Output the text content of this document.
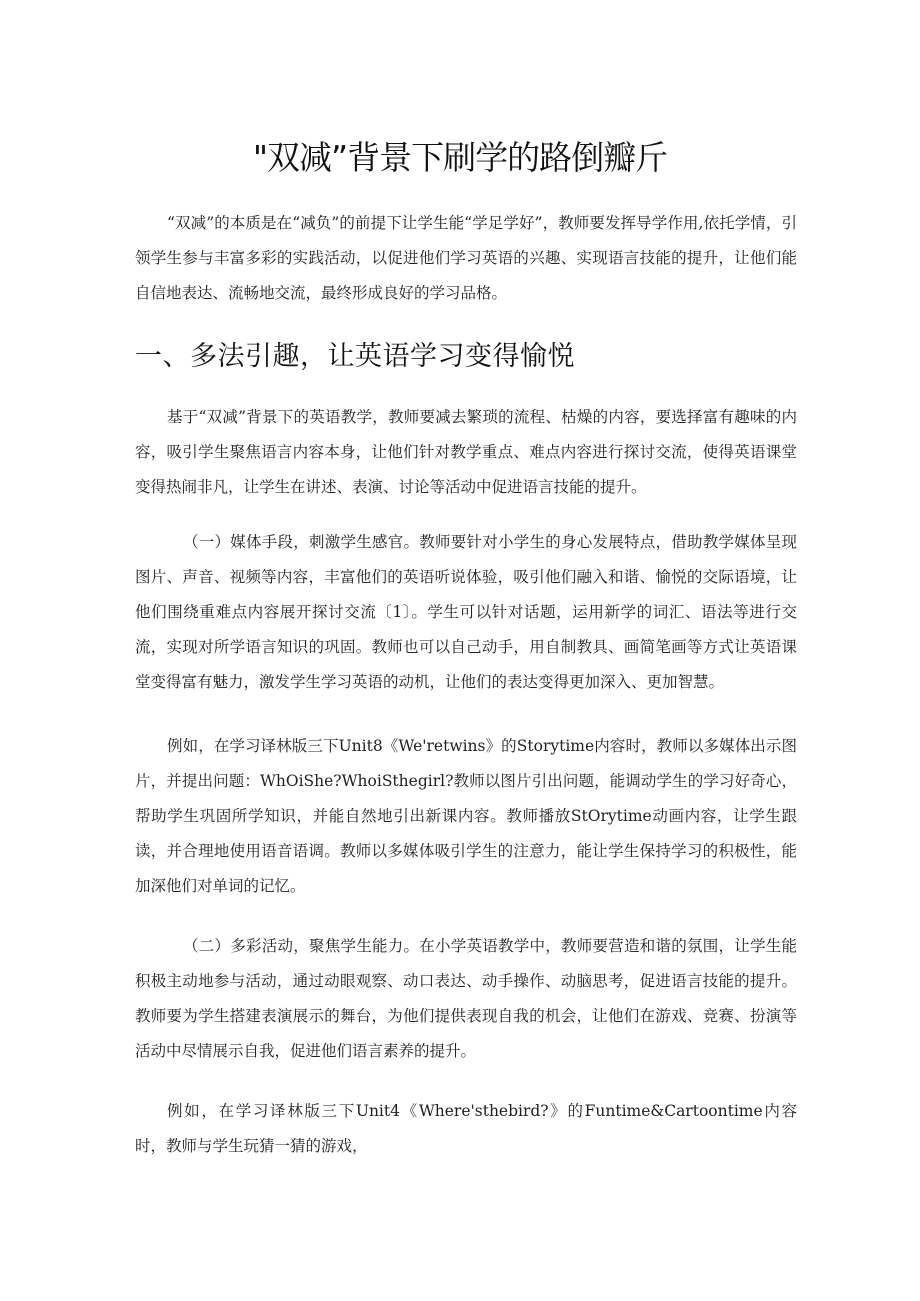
"双减”背景下刷学的路倒瓣斤

“双减”的本质是在“减负”的前提下让学生能“学足学好”，教师要发挥导学作用,依托学情，引领学生参与丰富多彩的实践活动，以促进他们学习英语的兴趣、实现语言技能的提升，让他们能自信地表达、流畅地交流，最终形成良好的学习品格。

一、多法引趣，让英语学习变得愉悦

基于“双减”背景下的英语教学，教师要减去繁琐的流程、枯燥的内容，要选择富有趣味的内容，吸引学生聚焦语言内容本身，让他们针对教学重点、难点内容进行探讨交流，使得英语课堂变得热闹非凡，让学生在讲述、表演、讨论等活动中促进语言技能的提升。

（一）媒体手段，刺激学生感官。教师要针对小学生的身心发展特点，借助教学媒体呈现图片、声音、视频等内容，丰富他们的英语听说体验，吸引他们融入和谐、愉悦的交际语境，让他们围绕重难点内容展开探讨交流〔1〕。学生可以针对话题，运用新学的词汇、语法等进行交流，实现对所学语言知识的巩固。教师也可以自己动手，用自制教具、画简笔画等方式让英语课堂变得富有魅力，激发学生学习英语的动机，让他们的表达变得更加深入、更加智慧。

例如，在学习译林版三下Unit8《We'retwins》的Storytime内容时，教师以多媒体出示图片，并提出问题：WhOiShe?WhoiSthegirl?教师以图片引出问题，能调动学生的学习好奇心，帮助学生巩固所学知识，并能自然地引出新课内容。教师播放StOrytime动画内容，让学生跟读，并合理地使用语音语调。教师以多媒体吸引学生的注意力，能让学生保持学习的积极性，能加深他们对单词的记忆。

（二）多彩活动，聚焦学生能力。在小学英语教学中，教师要营造和谐的氛围，让学生能积极主动地参与活动，通过动眼观察、动口表达、动手操作、动脑思考，促进语言技能的提升。教师要为学生搭建表演展示的舞台，为他们提供表现自我的机会，让他们在游戏、竞赛、扮演等活动中尽情展示自我，促进他们语言素养的提升。

例如，在学习译林版三下Unit4《Where'sthebird?》的Funtime&Cartoontime内容时，教师与学生玩猜一猜的游戏，
